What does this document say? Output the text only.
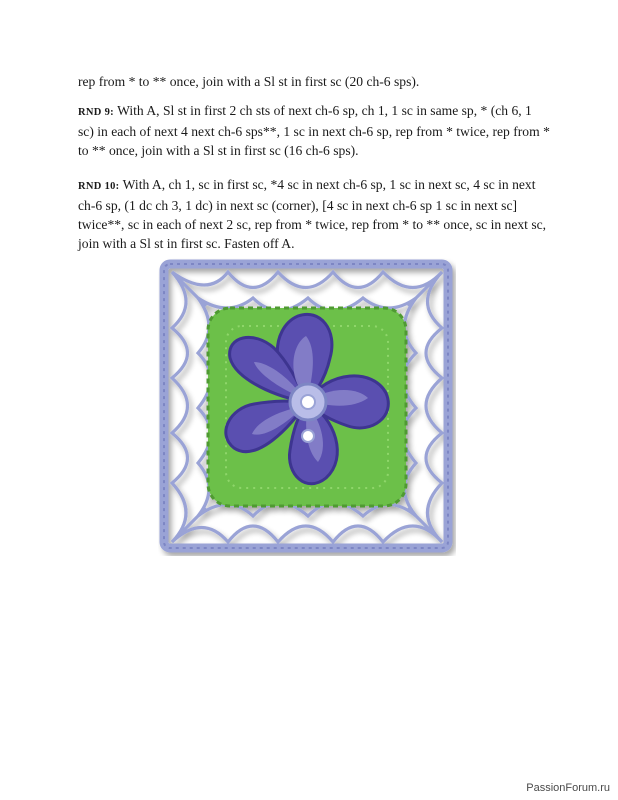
rep from * to ** once, join with a Sl st in first sc (20 ch-6 sps).

RND 9: With A, Sl st in first 2 ch sts of next ch-6 sp, ch 1, 1 sc in same sp, * (ch 6, 1 sc) in each of next 4 next ch-6 sps**, 1 sc in next ch-6 sp, rep from * twice, rep from * to ** once, join with a Sl st in first sc (16 ch-6 sps).

RND 10: With A, ch 1, sc in first sc, *4 sc in next ch-6 sp, 1 sc in next sc, 4 sc in next ch-6 sp, (1 dc ch 3, 1 dc) in next sc (corner), [4 sc in next ch-6 sp 1 sc in next sc] twice**, sc in each of next 2 sc, rep from * twice, rep from * to ** once, sc in next sc, join with a Sl st in first sc. Fasten off A.

PassionForum.ru
